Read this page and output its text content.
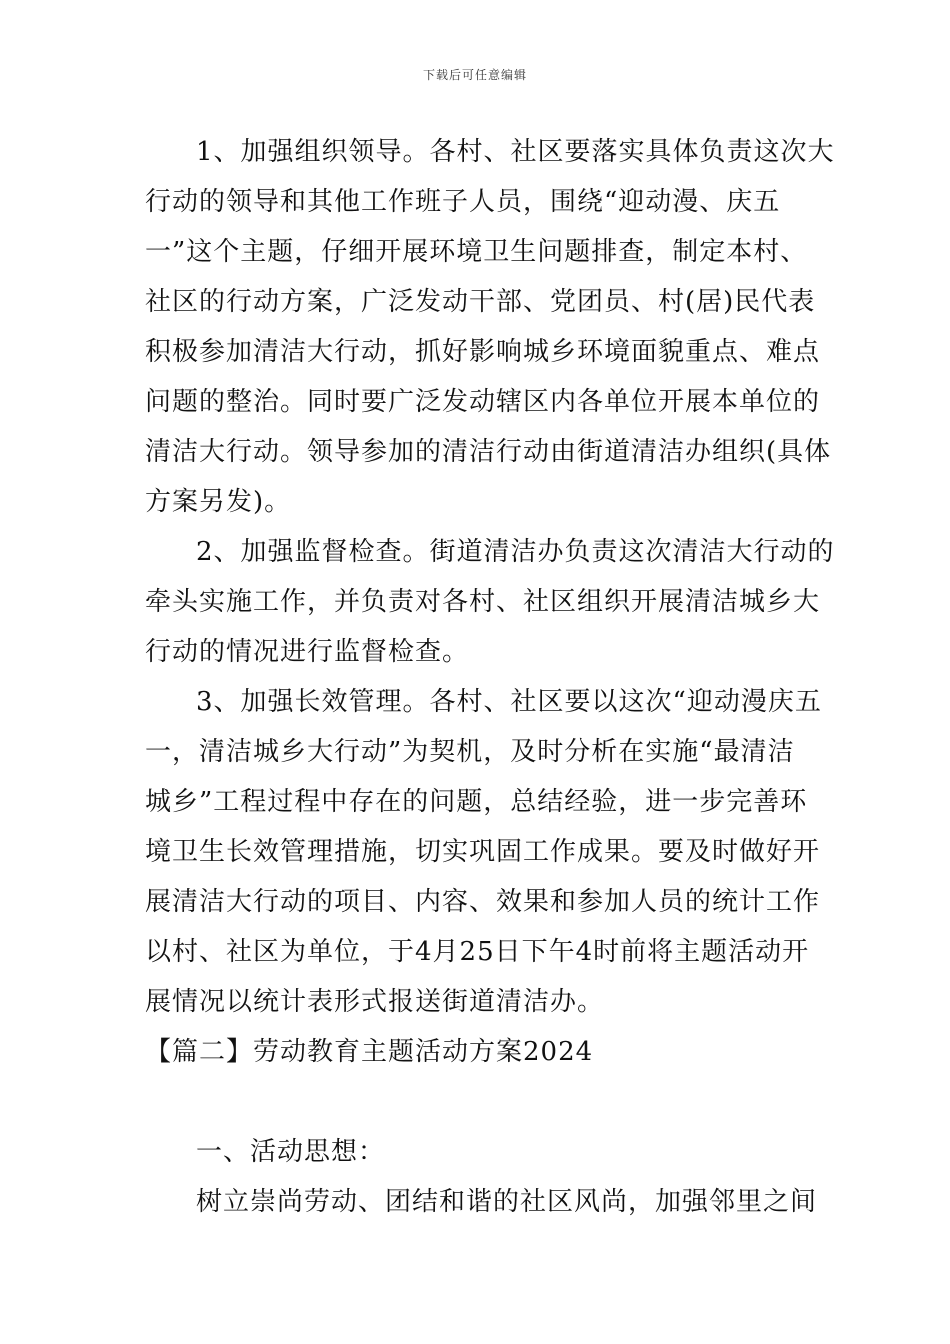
下载后可任意编辑
1、加强组织领导。各村、社区要落实具体负责这次大
行动的领导和其他工作班子人员，围绕“迎动漫、庆五
一”这个主题，仔细开展环境卫生问题排查，制定本村、
社区的行动方案，广泛发动干部、党团员、村(居)民代表
积极参加清洁大行动，抓好影响城乡环境面貌重点、难点
问题的整治。同时要广泛发动辖区内各单位开展本单位的
清洁大行动。领导参加的清洁行动由街道清洁办组织(具体
方案另发)。
2、加强监督检查。街道清洁办负责这次清洁大行动的
牵头实施工作，并负责对各村、社区组织开展清洁城乡大
行动的情况进行监督检查。
3、加强长效管理。各村、社区要以这次“迎动漫庆五
一，清洁城乡大行动”为契机，及时分析在实施“最清洁
城乡”工程过程中存在的问题，总结经验，进一步完善环
境卫生长效管理措施，切实巩固工作成果。要及时做好开
展清洁大行动的项目、内容、效果和参加人员的统计工作
以村、社区为单位，于4月25日下午4时前将主题活动开
展情况以统计表形式报送街道清洁办。
【篇二】劳动教育主题活动方案2024
一、活动思想：
树立崇尚劳动、团结和谐的社区风尚，加强邻里之间
